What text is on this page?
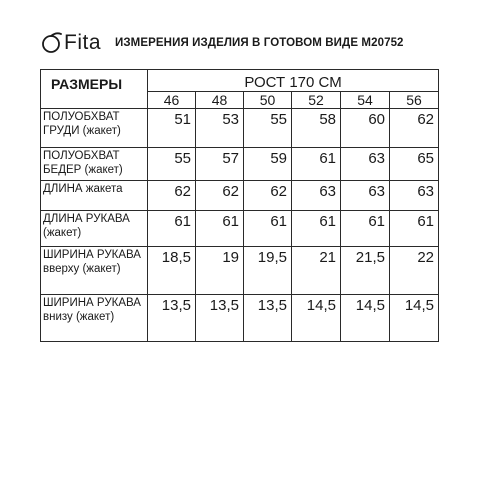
Fita ИЗМЕРЕНИЯ ИЗДЕЛИЯ В ГОТОВОМ ВИДЕ М20752
РАЗМЕРЫ	РОСТ 170 СМ					
	46	48	50	52	54	56
ПОЛУОБХВАТ ГРУДИ (жакет)	51	53	55	58	60	62
ПОЛУОБХВАТ БЕДЕР (жакет)	55	57	59	61	63	65
ДЛИНА жакета	62	62	62	63	63	63
ДЛИНА РУКАВА (жакет)	61	61	61	61	61	61
ШИРИНА РУКАВА вверху (жакет)	18,5	19	19,5	21	21,5	22
ШИРИНА РУКАВА внизу (жакет)	13,5	13,5	13,5	14,5	14,5	14,5
